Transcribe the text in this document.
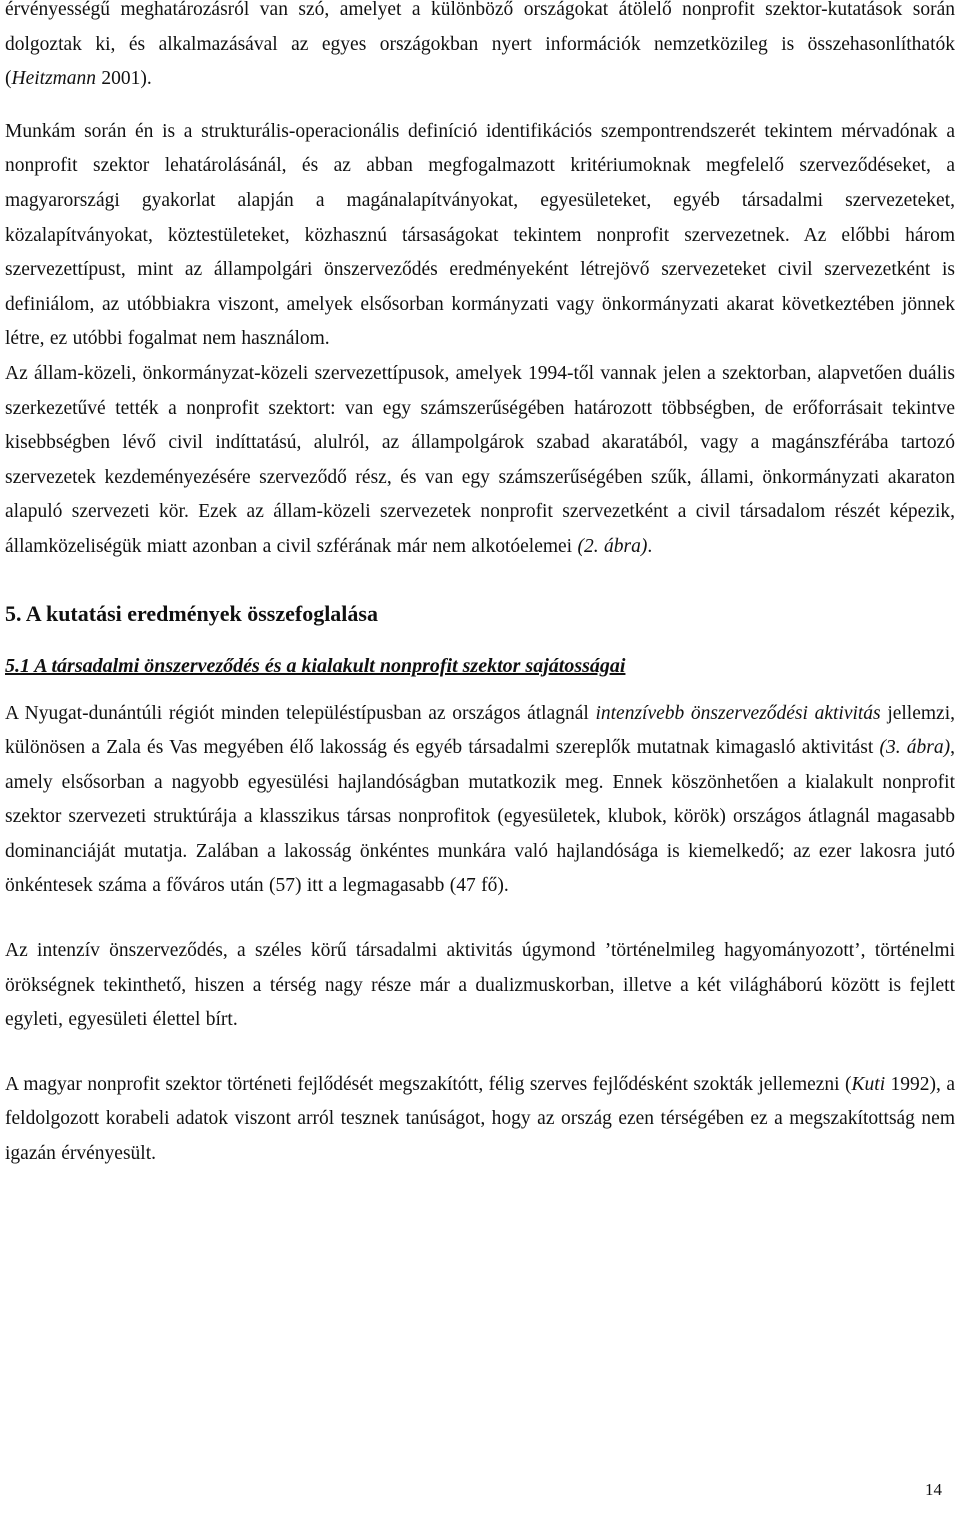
érvényességű meghatározásról van szó, amelyet a különböző országokat átölelő nonprofit szektor-kutatások során dolgoztak ki, és alkalmazásával az egyes országokban nyert információk nemzetközileg is összehasonlíthatók (Heitzmann 2001).

Munkám során én is a strukturális-operacionális definíció identifikációs szempontrendszerét tekintem mérvadónak a nonprofit szektor lehatárolásánál, és az abban megfogalmazott kritériumoknak megfelelő szerveződéseket, a magyarországi gyakorlat alapján a magánalapítványokat, egyesületeket, egyéb társadalmi szervezeteket, közalapítványokat, köztestületeket, közhasznú társaságokat tekintem nonprofit szervezetnek. Az előbbi három szervezettípust, mint az állampolgári önszerveződés eredményeként létrejövő szervezeteket civil szervezetként is definiálom, az utóbbiakra viszont, amelyek elsősorban kormányzati vagy önkormányzati akarat következtében jönnek létre, ez utóbbi fogalmat nem használom.

Az állam-közeli, önkormányzat-közeli szervezettípusok, amelyek 1994-től vannak jelen a szektorban, alapvetően duális szerkezetűvé tették a nonprofit szektort: van egy számszerűségében határozott többségben, de erőforrásait tekintve kisebbségben lévő civil indíttatású, alulról, az állampolgárok szabad akaratából, vagy a magánszférába tartozó szervezetek kezdeményezésére szerveződő rész, és van egy számszerűségében szűk, állami, önkormányzati akaraton alapuló szervezeti kör. Ezek az állam-közeli szervezetek nonprofit szervezetként a civil társadalom részét képezik, államközeliségük miatt azonban a civil szférának már nem alkotóelemei (2. ábra).

5. A kutatási eredmények összefoglalása
5.1 A társadalmi önszerveződés és a kialakult nonprofit szektor sajátosságai

A Nyugat-dunántúli régiót minden településtípusban az országos átlagnál intenzívebb önszerveződési aktivitás jellemzi, különösen a Zala és Vas megyében élő lakosság és egyéb társadalmi szereplők mutatnak kimagasló aktivitást (3. ábra), amely elsősorban a nagyobb egyesülési hajlandóságban mutatkozik meg. Ennek köszönhetően a kialakult nonprofit szektor szervezeti struktúrája a klasszikus társas nonprofitok (egyesületek, klubok, körök) országos átlagnál magasabb dominanciáját mutatja. Zalában a lakosság önkéntes munkára való hajlandósága is kiemelkedő; az ezer lakosra jutó önkéntesek száma a főváros után (57) itt a legmagasabb (47 fő).

Az intenzív önszerveződés, a széles körű társadalmi aktivitás úgymond ’történelmileg hagyományozott’, történelmi örökségnek tekinthető, hiszen a térség nagy része már a dualizmuskorban, illetve a két világháború között is fejlett egyleti, egyesületi élettel bírt.

A magyar nonprofit szektor történeti fejlődését megszakítótt, félig szerves fejlődésként szokták jellemezni (Kuti 1992), a feldolgozott korabeli adatok viszont arról tesznek tanúságot, hogy az ország ezen térségében ez a megszakítottság nem igazán érvényesült.

14
